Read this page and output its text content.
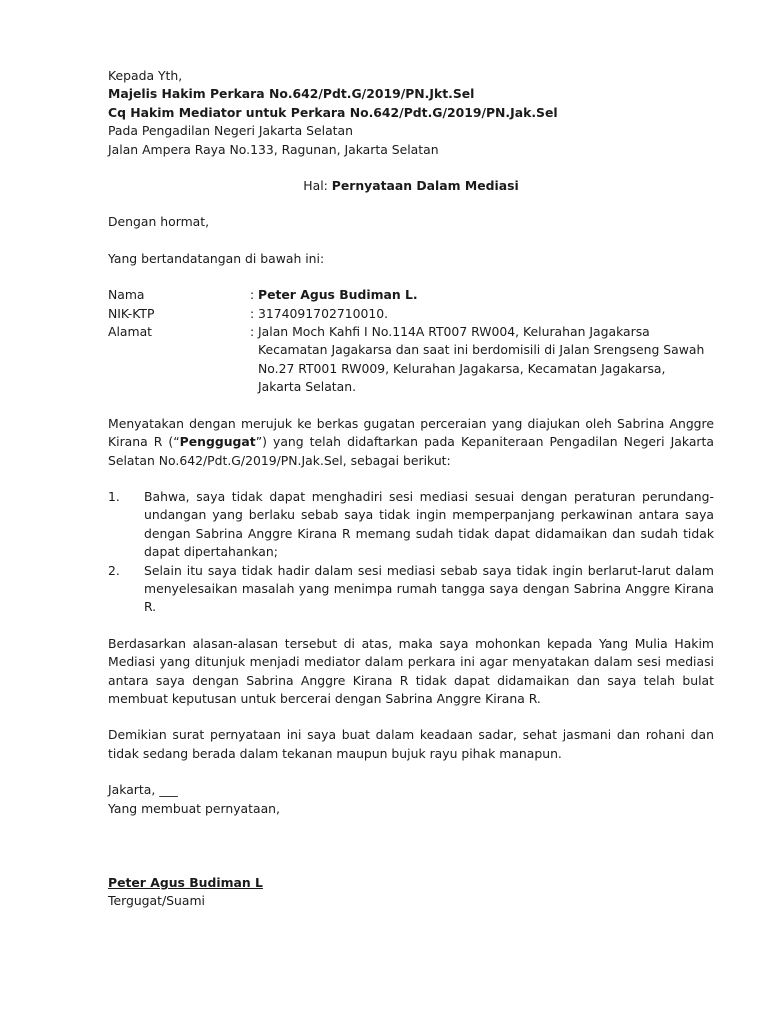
Kepada Yth,
Majelis Hakim Perkara No.642/Pdt.G/2019/PN.Jkt.Sel
Cq Hakim Mediator untuk Perkara No.642/Pdt.G/2019/PN.Jak.Sel
Pada Pengadilan Negeri Jakarta Selatan
Jalan Ampera Raya No.133, Ragunan, Jakarta Selatan
Hal: Pernyataan Dalam Mediasi
Dengan hormat,
Yang bertandatangan di bawah ini:
Nama	: Peter Agus Budiman L.
NIK-KTP	: 3174091702710010.
Alamat	: Jalan Moch Kahfi I No.114A RT007 RW004, Kelurahan Jagakarsa
Kecamatan Jagakarsa dan saat ini berdomisili di Jalan Srengseng Sawah
No.27 RT001 RW009, Kelurahan Jagakarsa, Kecamatan Jagakarsa,
Jakarta Selatan.
Menyatakan dengan merujuk ke berkas gugatan perceraian yang diajukan oleh Sabrina Anggre Kirana R (“Penggugat”) yang telah didaftarkan pada Kepaniteraan Pengadilan Negeri Jakarta Selatan No.642/Pdt.G/2019/PN.Jak.Sel, sebagai berikut:
1.	Bahwa, saya tidak dapat menghadiri sesi mediasi sesuai dengan peraturan perundang-undangan yang berlaku sebab saya tidak ingin memperpanjang perkawinan antara saya dengan Sabrina Anggre Kirana R memang sudah tidak dapat didamaikan dan sudah tidak dapat dipertahankan;
2.	Selain itu saya tidak hadir dalam sesi mediasi sebab saya tidak ingin berlarut-larut dalam menyelesaikan masalah yang menimpa rumah tangga saya dengan Sabrina Anggre Kirana R.
Berdasarkan alasan-alasan tersebut di atas, maka saya mohonkan kepada Yang Mulia Hakim Mediasi yang ditunjuk menjadi mediator dalam perkara ini agar menyatakan dalam sesi mediasi antara saya dengan Sabrina Anggre Kirana R tidak dapat didamaikan dan saya telah bulat membuat keputusan untuk bercerai dengan Sabrina Anggre Kirana R.
Demikian surat pernyataan ini saya buat dalam keadaan sadar, sehat jasmani dan rohani dan tidak sedang berada dalam tekanan maupun bujuk rayu pihak manapun.
Jakarta, ___
Yang membuat pernyataan,
Peter Agus Budiman L
Tergugat/Suami
